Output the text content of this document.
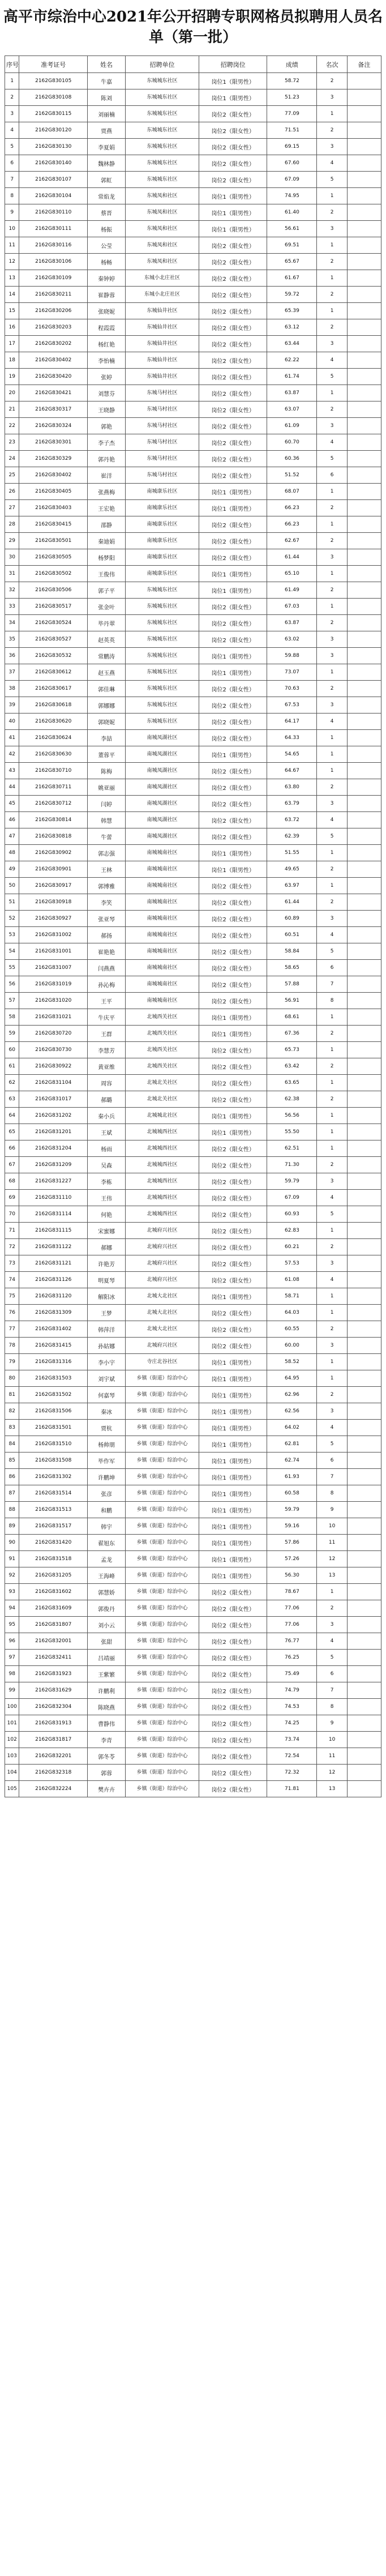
高平市综治中心2021年公开招聘专职网格员拟聘用人员名单（第一批）
序号	准考证号	姓名	招聘单位	招聘岗位	成绩	名次	备注
1	2162G830105	牛嘉	东城城东社区	岗位1（限男性）	58.72	2	
2	2162G830108	陈刘	东城城东社区	岗位1（限男性）	51.23	3	
3	2162G830115	刘丽楠	东城城东社区	岗位2（限女性）	77.09	1	
4	2162G830120	贾燕	东城城东社区	岗位2（限女性）	71.51	2	
5	2162G830130	李夏娟	东城城东社区	岗位2（限女性）	69.15	3	
6	2162G830140	魏林静	东城城东社区	岗位2（限女性）	67.60	4	
7	2162G830107	郭虹	东城城东社区	岗位2（限女性）	67.09	5	
8	2162G830104	常焰龙	东城凤和社区	岗位1（限男性）	74.95	1	
9	2162G830110	蔡晋	东城凤和社区	岗位1（限男性）	61.40	2	
10	2162G830111	杨振	东城凤和社区	岗位1（限男性）	56.61	3	
11	2162G830116	公莹	东城凤和社区	岗位2（限女性）	69.51	1	
12	2162G830106	杨畅	东城凤和社区	岗位2（限女性）	65.67	2	
13	2162G830109	秦钟婷	东城小北庄社区	岗位2（限女性）	61.67	1	
14	2162G830211	崔静蓉	东城小北庄社区	岗位2（限女性）	59.72	2	
15	2162G830206	张晓妮	东城仙井社区	岗位2（限女性）	65.39	1	
16	2162G830203	程霞霞	东城仙井社区	岗位2（限女性）	63.12	2	
17	2162G830202	杨红艳	东城仙井社区	岗位2（限女性）	63.44	3	
18	2162G830402	李怡楠	东城仙井社区	岗位2（限女性）	62.22	4	
19	2162G830420	张婷	东城仙井社区	岗位2（限女性）	61.74	5	
20	2162G830421	刘慧芬	东城马村社区	岗位2（限女性）	63.87	1	
21	2162G830317	王晓静	东城马村社区	岗位2（限女性）	63.07	2	
22	2162G830324	郭艳	东城马村社区	岗位2（限女性）	61.09	3	
23	2162G830301	李子杰	东城马村社区	岗位2（限女性）	60.70	4	
24	2162G830329	郭丹艳	东城马村社区	岗位2（限女性）	60.36	5	
25	2162G830402	崔洋	东城马村社区	岗位2（限女性）	51.52	6	
26	2162G830405	张燕梅	南城康乐社区	岗位1（限男性）	68.07	1	
27	2162G830403	王宏艳	南城康乐社区	岗位1（限男性）	66.23	2	
28	2162G830415	邵静	南城康乐社区	岗位2（限女性）	66.23	1	
29	2162G830501	秦迪娟	南城康乐社区	岗位2（限女性）	62.67	2	
30	2162G830505	杨梦阳	南城康乐社区	岗位2（限女性）	61.44	3	
31	2162G830502	王俊伟	南城康乐社区	岗位1（限男性）	65.10	1	
32	2162G830506	郭子平	东城城东社区	岗位1（限男性）	61.49	2	
33	2162G830517	张金叶	东城城东社区	岗位2（限女性）	67.03	1	
34	2162G830524	毕丹翠	东城城东社区	岗位2（限女性）	63.87	2	
35	2162G830527	赵英英	东城城东社区	岗位2（限女性）	63.02	3	
36	2162G830532	常鹏涛	东城城东社区	岗位1（限男性）	59.88	3	
37	2162G830612	赵玉燕	东城城东社区	岗位1（限男性）	73.07	1	
38	2162G830617	郭佳琳	东城城东社区	岗位2（限女性）	70.63	2	
39	2162G830618	郭娜娜	东城城东社区	岗位2（限女性）	67.53	3	
40	2162G830620	郭晓妮	东城城东社区	岗位2（限女性）	64.17	4	
41	2162G830624	李喆	南城凤湖社区	岗位2（限女性）	64.33	1	
42	2162G830630	董蓉平	南城凤湖社区	岗位1（限男性）	54.65	1	
43	2162G830710	陈梅	南城凤湖社区	岗位2（限女性）	64.67	1	
44	2162G830711	姚亚丽	南城凤湖社区	岗位2（限女性）	63.80	2	
45	2162G830712	闫婷	南城凤湖社区	岗位2（限女性）	63.79	3	
46	2162G830814	韩慧	南城凤湖社区	岗位2（限女性）	63.72	4	
47	2162G830818	牛蕾	南城凤湖社区	岗位2（限女性）	62.39	5	
48	2162G830902	郭志强	南城城南社区	岗位1（限男性）	51.55	1	
49	2162G830901	王林	南城城南社区	岗位1（限男性）	49.65	2	
50	2162G830917	郭博雅	南城城南社区	岗位2（限女性）	63.97	1	
51	2162G830918	李笑	南城城南社区	岗位2（限女性）	61.44	2	
52	2162G830927	张亚琴	南城城南社区	岗位2（限女性）	60.89	3	
53	2162G831002	郝扬	南城城南社区	岗位2（限女性）	60.51	4	
54	2162G831001	崔艳艳	南城城南社区	岗位2（限女性）	58.84	5	
55	2162G831007	闫燕燕	南城城南社区	岗位2（限女性）	58.65	6	
56	2162G831019	孙沁梅	南城城南社区	岗位2（限女性）	57.88	7	
57	2162G831020	王平	南城城南社区	岗位2（限女性）	56.91	8	
58	2162G831021	牛庆平	北城西关社区	岗位1（限男性）	68.61	1	
59	2162G830720	王群	北城西关社区	岗位1（限男性）	67.36	2	
60	2162G830730	李慧芳	北城西关社区	岗位2（限女性）	65.73	1	
61	2162G830922	黄亚维	北城西关社区	岗位2（限女性）	63.42	2	
62	2162G831104	周容	北城北关社区	岗位2（限女性）	63.65	1	
63	2162G831017	郝璐	北城北关社区	岗位2（限女性）	62.38	2	
64	2162G831202	秦小兵	北城城北社区	岗位1（限男性）	56.56	1	
65	2162G831201	王斌	北城城西社区	岗位1（限男性）	55.50	1	
66	2162G831204	杨雨	北城城西社区	岗位2（限女性）	62.51	1	
67	2162G831209	吴森	北城城西社区	岗位2（限女性）	71.30	2	
68	2162G831227	李栋	北城城西社区	岗位2（限女性）	59.79	3	
69	2162G831110	王伟	北城城西社区	岗位2（限女性）	67.09	4	
70	2162G831114	何艳	北城城西社区	岗位2（限女性）	60.93	5	
71	2162G831115	宋蜜娜	北城府兴社区	岗位2（限女性）	62.83	1	
72	2162G831122	郝娜	北城府兴社区	岗位2（限女性）	60.21	2	
73	2162G831121	许艳芳	北城府兴社区	岗位2（限女性）	57.53	3	
74	2162G831126	明夏琴	北城府兴社区	岗位2（限女性）	61.08	4	
75	2162G831120	解阳冰	北城大北社区	岗位1（限男性）	58.71	1	
76	2162G831309	王梦	北城大北社区	岗位2（限女性）	64.03	1	
77	2162G831402	韩萍洋	北城大北社区	岗位2（限女性）	60.55	2	
78	2162G831415	孙姑娜	北城府兴社区	岗位2（限女性）	60.00	3	
79	2162G831316	李小宇	寺庄北谷社区	岗位1（限男性）	58.52	1	
80	2162G831503	刘宇斌	乡镇（街道）综治中心	岗位1（限男性）	64.95	1	
81	2162G831502	何嘉琴	乡镇（街道）综治中心	岗位1（限男性）	62.96	2	
82	2162G831506	秦冰	乡镇（街道）综治中心	岗位1（限男性）	62.56	3	
83	2162G831501	贾杭	乡镇（街道）综治中心	岗位1（限男性）	64.02	4	
84	2162G831510	杨帅朋	乡镇（街道）综治中心	岗位1（限男性）	62.81	5	
85	2162G831508	毕作军	乡镇（街道）综治中心	岗位1（限男性）	62.74	6	
86	2162G831302	许鹏坤	乡镇（街道）综治中心	岗位1（限男性）	61.93	7	
87	2162G831514	张彦	乡镇（街道）综治中心	岗位1（限男性）	60.58	8	
88	2162G831513	和鹏	乡镇（街道）综治中心	岗位1（限男性）	59.79	9	
89	2162G831517	韩宇	乡镇（街道）综治中心	岗位1（限男性）	59.16	10	
90	2162G831420	翟旭东	乡镇（街道）综治中心	岗位1（限男性）	57.86	11	
91	2162G831518	孟龙	乡镇（街道）综治中心	岗位1（限男性）	57.26	12	
92	2162G831205	王海峰	乡镇（街道）综治中心	岗位1（限男性）	56.30	13	
93	2162G831602	郭慧娇	乡镇（街道）综治中心	岗位2（限女性）	78.67	1	
94	2162G831609	郭俊丹	乡镇（街道）综治中心	岗位2（限女性）	77.06	2	
95	2162G831807	刘小云	乡镇（街道）综治中心	岗位2（限女性）	77.06	3	
96	2162G832001	张甜	乡镇（街道）综治中心	岗位2（限女性）	76.77	4	
97	2162G832411	吕靖丽	乡镇（街道）综治中心	岗位2（限女性）	76.25	5	
98	2162G831923	王紫繁	乡镇（街道）综治中心	岗位2（限女性）	75.49	6	
99	2162G831629	许鹏利	乡镇（街道）综治中心	岗位2（限女性）	74.79	7	
100	2162G832304	陈晓燕	乡镇（街道）综治中心	岗位2（限女性）	74.53	8	
101	2162G831913	曹静伟	乡镇（街道）综治中心	岗位2（限女性）	74.25	9	
102	2162G831817	李青	乡镇（街道）综治中心	岗位2（限女性）	73.74	10	
103	2162G832201	郭冬苓	乡镇（街道）综治中心	岗位2（限女性）	72.54	11	
104	2162G832318	郭蓉	乡镇（街道）综治中心	岗位2（限女性）	72.32	12	
105	2162G832224	樊卉卉	乡镇（街道）综治中心	岗位2（限女性）	71.81	13	
